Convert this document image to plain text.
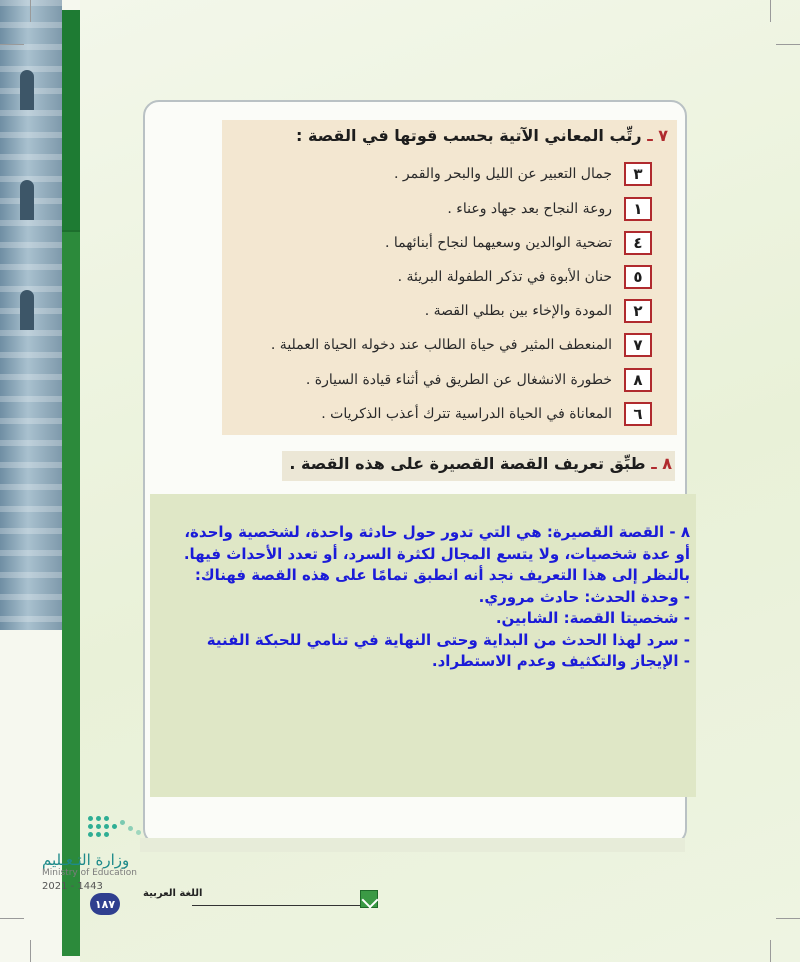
٧ ـ رتِّب المعاني الآتية بحسب قوتها في القصة :
٣
جمال التعبير عن الليل والبحر والقمر .
١
روعة النجاح بعد جهاد وعناء .
٤
تضحية الوالدين وسعيهما لنجاح أبنائهما .
٥
حنان الأبوة في تذكر الطفولة البريئة .
٢
المودة والإخاء بين بطلي القصة .
٧
المنعطف المثير في حياة الطالب عند دخوله الحياة العملية .
٨
خطورة الانشغال عن الطريق في أثناء قيادة السيارة .
٦
المعاناة في الحياة الدراسية تترك أعذب الذكريات .
٨ ـ طبِّق تعريف القصة القصيرة على هذه القصة .
٨ - القصة القصيرة: هي التي تدور حول حادثة واحدة، لشخصية واحدة،
أو عدة شخصيات، ولا يتسع المجال لكثرة السرد، أو تعدد الأحداث فيها.
بالنظر إلى هذا التعريف نجد أنه انطبق تمامًا على هذه القصة فهناك:
- وحدة الحدث: حادث مروري.
- شخصيتا القصة: الشابين.
- سرد لهذا الحدث من البداية وحتى النهاية في تنامي للحبكة الفنية
- الإيجاز والتكثيف وعدم الاستطراد.
وزارة التـعـليم
Ministry of Education
2021 - 1443
١٨٧
اللغة العربية
